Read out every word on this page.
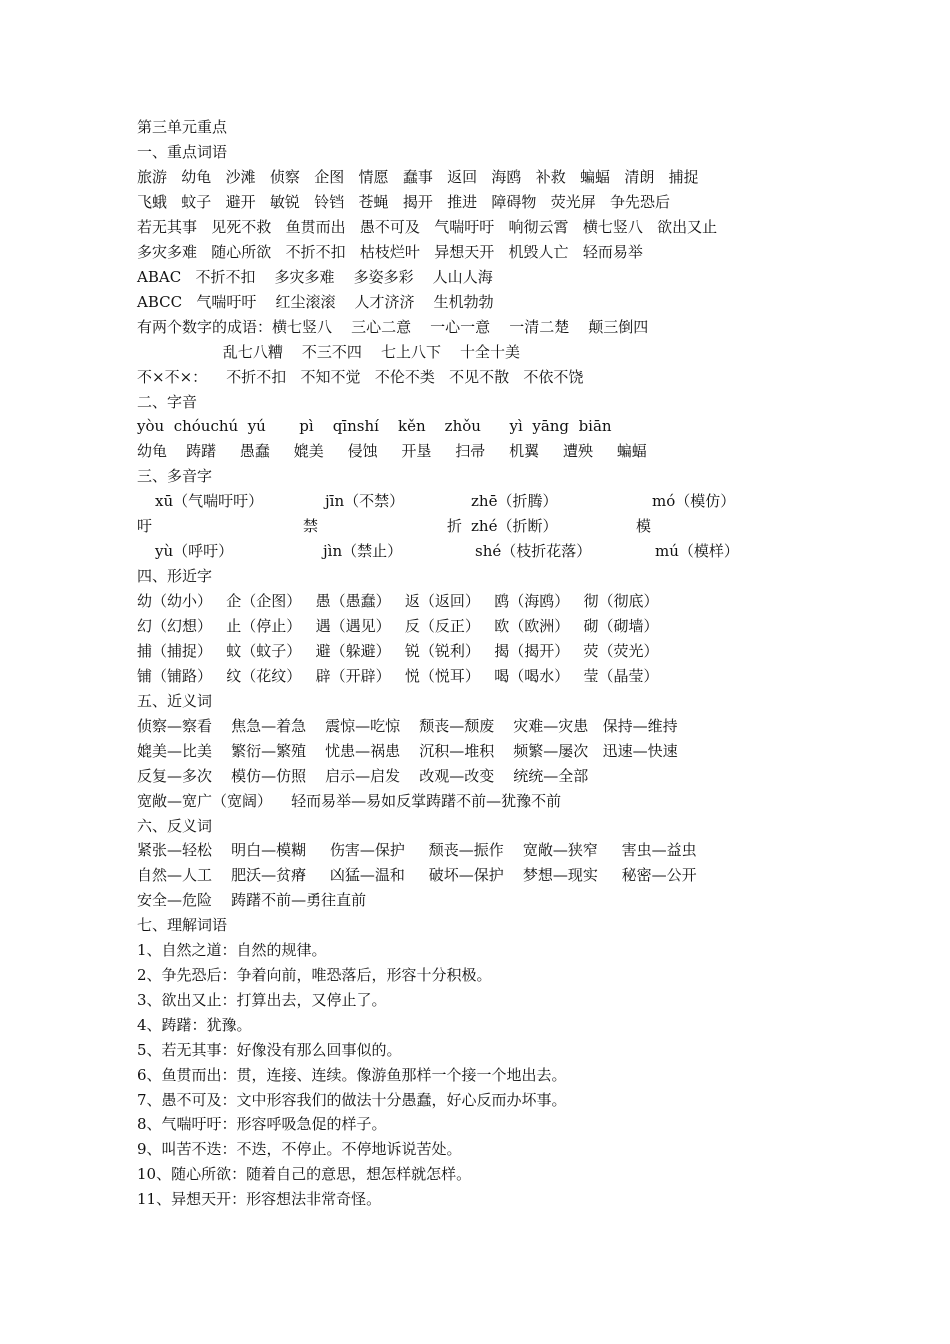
第三单元重点
一、重点词语
旅游   幼龟   沙滩   侦察   企图   情愿   蠢事   返回   海鸥   补救   蝙蝠   清朗   捕捉
飞蛾   蚊子   避开   敏锐   铃铛   苍蝇   揭开   推进   障碍物   荧光屏   争先恐后
若无其事   见死不救   鱼贯而出   愚不可及   气喘吁吁   响彻云霄   横七竖八   欲出又止
多灾多难   随心所欲   不折不扣   枯枝烂叶   异想天开   机毁人亡   轻而易举
ABAC   不折不扣    多灾多难    多姿多彩    人山人海
ABCC   气喘吁吁    红尘滚滚    人才济济    生机勃勃
有两个数字的成语：横七竖八    三心二意    一心一意    一清二楚    颠三倒四
乱七八糟    不三不四    七上八下    十全十美
不×不×：    不折不扣   不知不觉   不伦不类   不见不散   不依不饶
二、字音
yòu  chóuchú  yú       pì    qīnshí    kěn    zhǒu      yì  yāng  biān
幼龟    踌躇     愚蠢     媲美     侵蚀     开垦     扫帚     机翼     遭殃     蝙蝠
三、多音字
xū（气喘吁吁）
吁
yù（呼吁）
jīn（不禁）
禁
jìn（禁止）
zhē（折腾）
折 zhé（折断）
shé（枝折花落）
mó（模仿）
模
mú（模样）
四、形近字
幼（幼小）   企（企图）   愚（愚蠢）   返（返回）   鸥（海鸥）   彻（彻底）
幻（幻想）   止（停止）   遇（遇见）   反（反正）   欧（欧洲）   砌（砌墙）
捕（捕捉）   蚊（蚊子）   避（躲避）   锐（锐利）   揭（揭开）   荧（荧光）
铺（铺路）   纹（花纹）   辟（开辟）   悦（悦耳）   喝（喝水）   莹（晶莹）
五、近义词
侦察—察看    焦急—着急    震惊—吃惊    颓丧—颓废    灾难—灾患   保持—维持
媲美—比美    繁衍—繁殖    忧患—祸患    沉积—堆积    频繁—屡次   迅速—快速
反复—多次    模仿—仿照    启示—启发    改观—改变    统统—全部
宽敞—宽广（宽阔）    轻而易举—易如反掌踌躇不前—犹豫不前
六、反义词
紧张—轻松    明白—模糊     伤害—保护     颓丧—振作    宽敞—狭窄     害虫—益虫
自然—人工    肥沃—贫瘠     凶猛—温和     破坏—保护    梦想—现实     秘密—公开
安全—危险    踌躇不前—勇往直前
七、理解词语
1、自然之道：自然的规律。
2、争先恐后：争着向前，唯恐落后，形容十分积极。
3、欲出又止：打算出去，又停止了。
4、踌躇：犹豫。
5、若无其事：好像没有那么回事似的。
6、鱼贯而出：贯，连接、连续。像游鱼那样一个接一个地出去。
7、愚不可及：文中形容我们的做法十分愚蠢，好心反而办坏事。
8、气喘吁吁：形容呼吸急促的样子。
9、叫苦不迭：不迭，不停止。不停地诉说苦处。
10、随心所欲：随着自己的意思，想怎样就怎样。
11、异想天开：形容想法非常奇怪。
